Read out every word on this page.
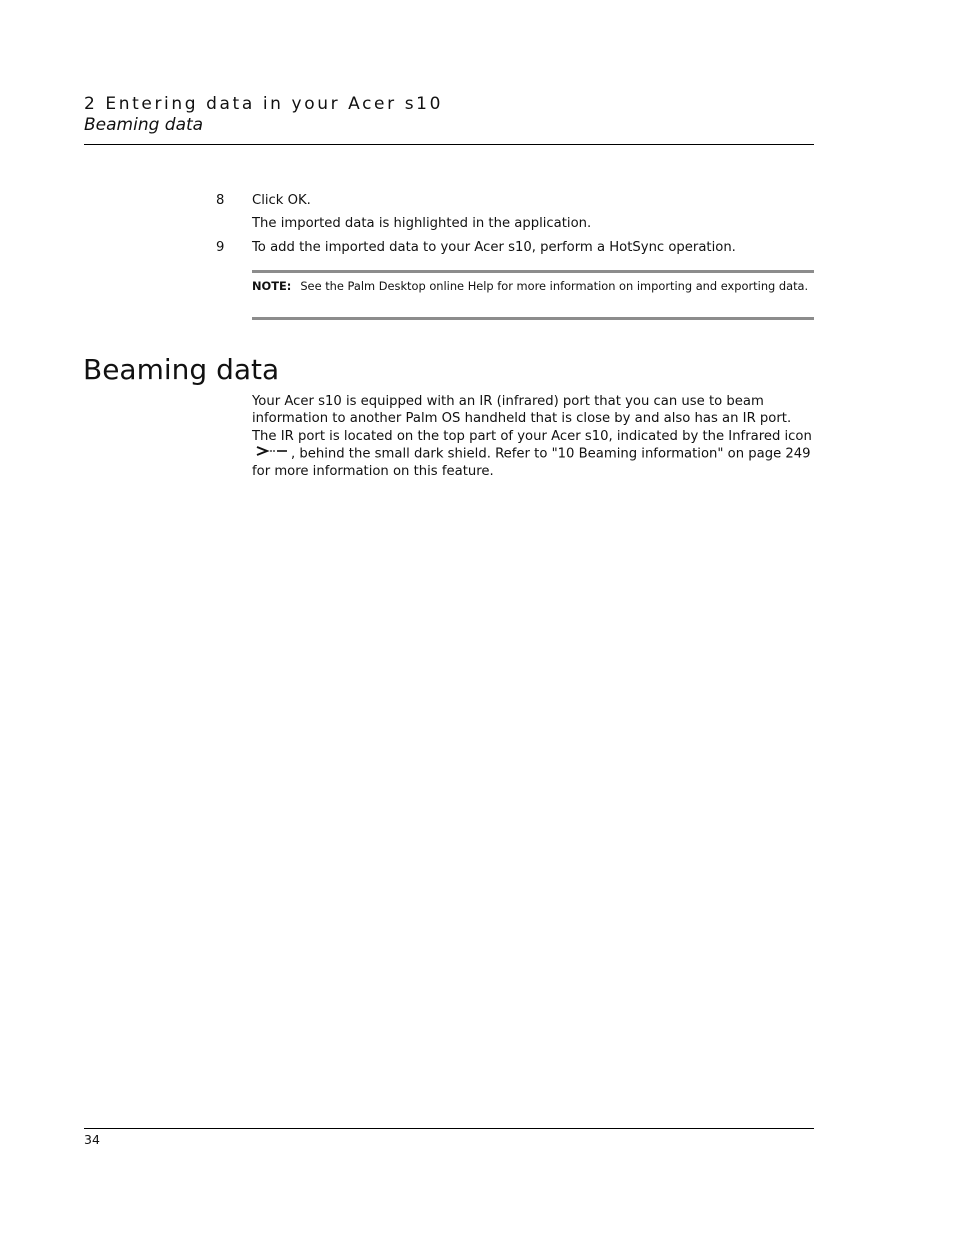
2 Entering data in your Acer s10
Beaming data
8 Click OK.
The imported data is highlighted in the application.
9 To add the imported data to your Acer s10, perform a HotSync operation.
NOTE: See the Palm Desktop online Help for more information on importing and exporting data.
Beaming data
Your Acer s10 is equipped with an IR (infrared) port that you can use to beam information to another Palm OS handheld that is close by and also has an IR port. The IR port is located on the top part of your Acer s10, indicated by the Infrared icon
, behind the small dark shield. Refer to "10 Beaming information" on page 249 for more information on this feature.
34
